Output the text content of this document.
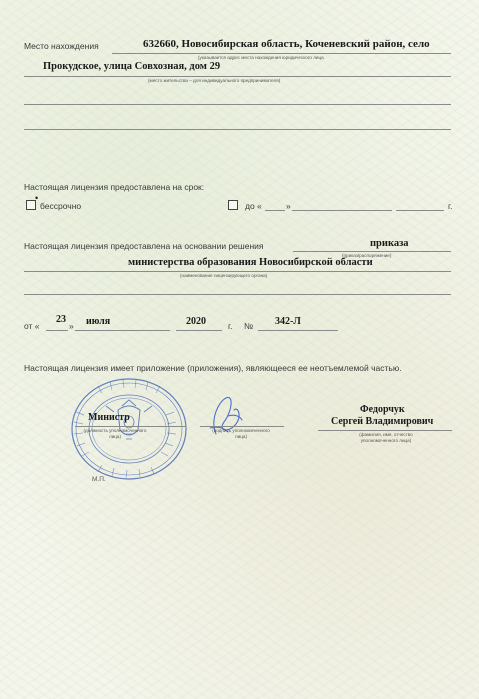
Место нахождения	632660, Новосибирская область, Коченевский район, село
(указывается адрес места нахождения юридического лица
Прокудское, улица Совхозная, дом 29
(место жительства – для индивидуального предпринимателя)
Настоящая лицензия предоставлена на срок:
•
бессрочно	до «	»	г.
Настоящая лицензия предоставлена на основании решения	приказа
(приказ/распоряжение)
министерства образования Новосибирской области
(наименование лицензирующего органа)
от «
23
» июля	2020	г. № 342-Л
Настоящая лицензия имеет приложение (приложения), являющееся ее неотъемлемой частью.
Министр
(должность уполномоченного лица)
(подпись уполномоченного лица)
Федорчук
Сергей Владимирович
(фамилия, имя, отчество уполномоченного лица)
М.П.
